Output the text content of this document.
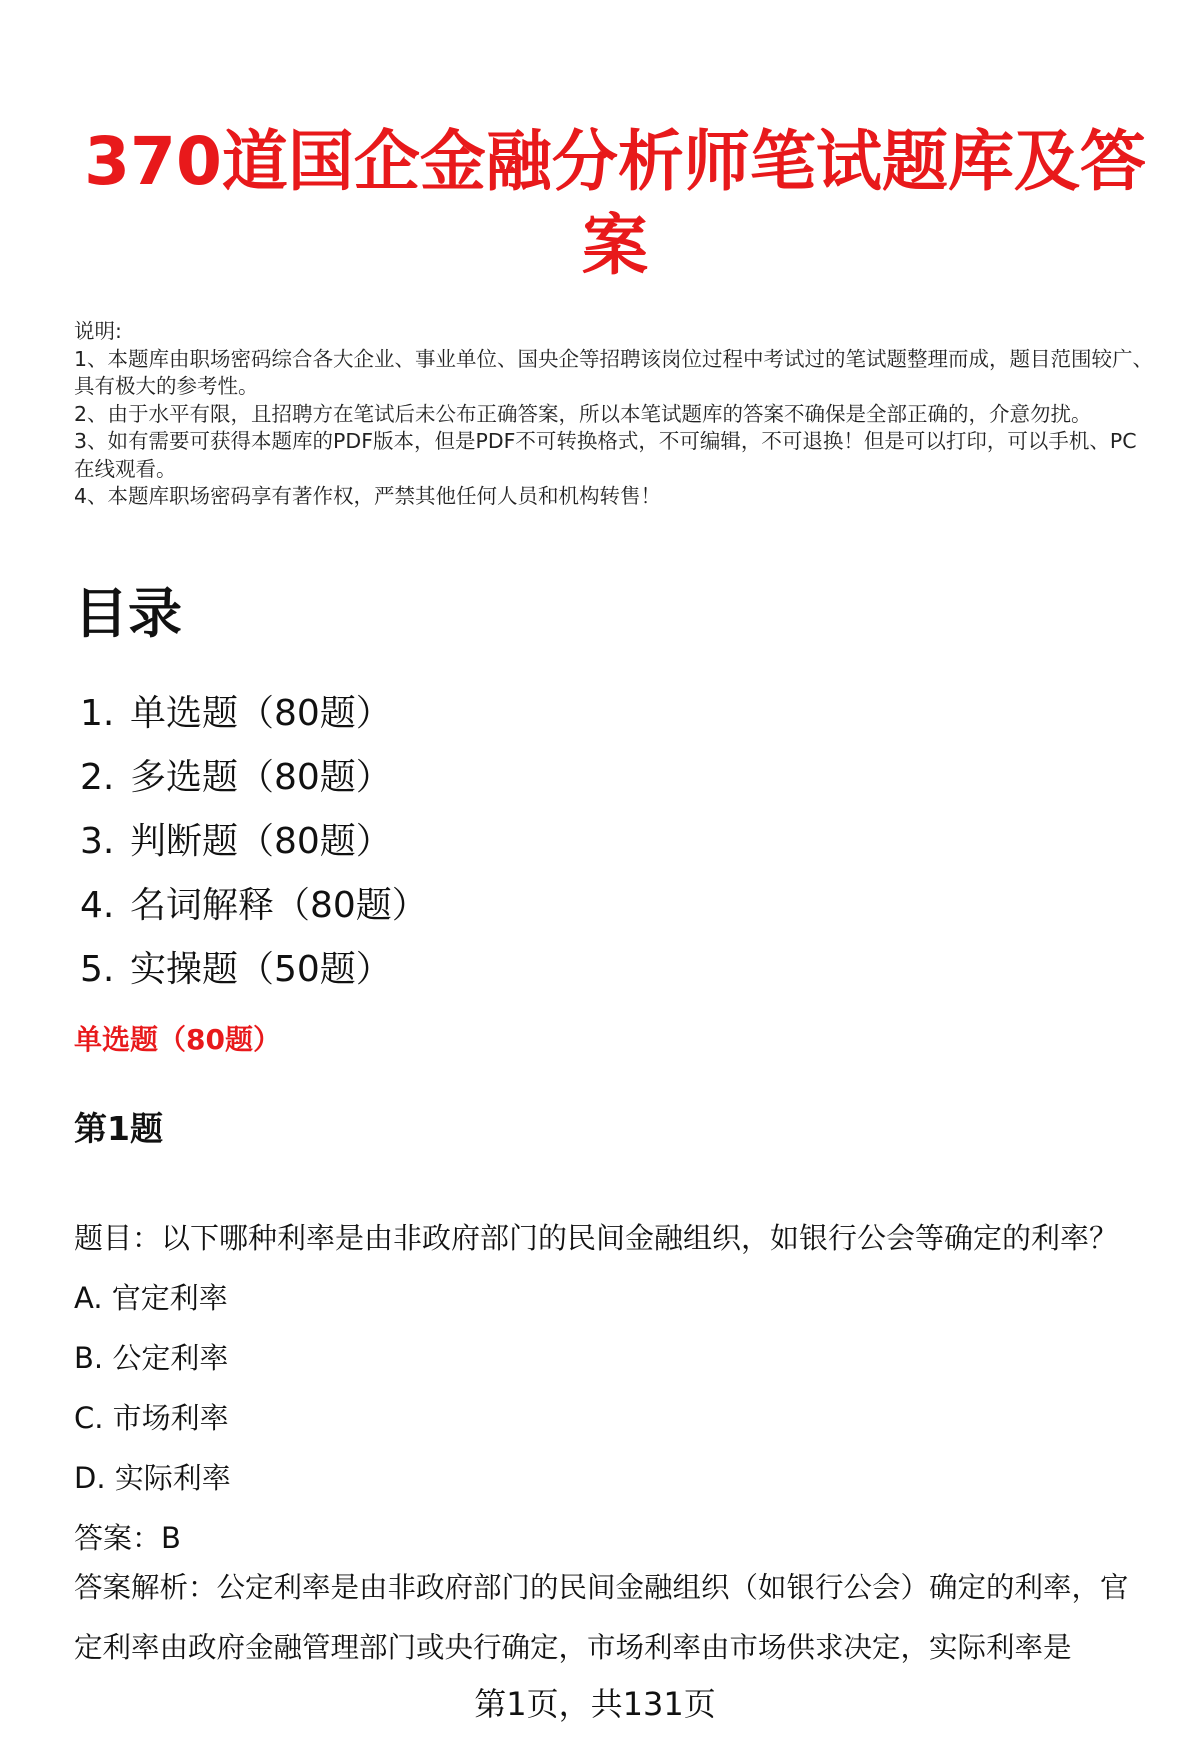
370道国企金融分析师笔试题库及答案
说明:
1、本题库由职场密码综合各大企业、事业单位、国央企等招聘该岗位过程中考试过的笔试题整理而成，题目范围较广、具有极大的参考性。
2、由于水平有限，且招聘方在笔试后未公布正确答案，所以本笔试题库的答案不确保是全部正确的，介意勿扰。
3、如有需要可获得本题库的PDF版本，但是PDF不可转换格式，不可编辑，不可退换！但是可以打印，可以手机、PC在线观看。
4、本题库职场密码享有著作权，严禁其他任何人员和机构转售！
目录
1. 单选题（80题）
2. 多选题（80题）
3. 判断题（80题）
4. 名词解释（80题）
5. 实操题（50题）
单选题（80题）
第1题
题目：以下哪种利率是由非政府部门的民间金融组织，如银行公会等确定的利率？
A. 官定利率
B. 公定利率
C. 市场利率
D. 实际利率
答案：B
答案解析：公定利率是由非政府部门的民间金融组织（如银行公会）确定的利率，官定利率由政府金融管理部门或央行确定，市场利率由市场供求决定，实际利率是
第1页，共131页
